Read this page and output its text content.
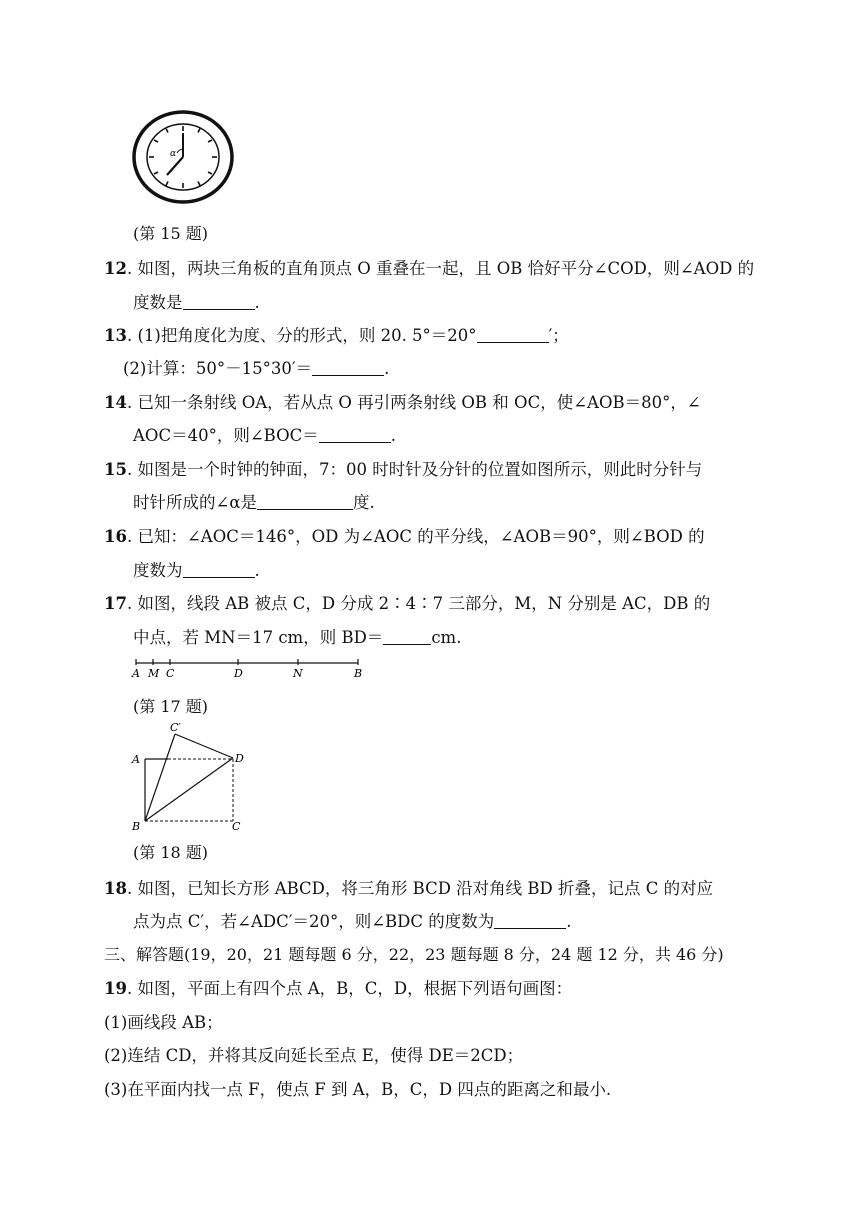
α
(第 15 题)
12. 如图，两块三角板的直角顶点 O 重叠在一起，且 OB 恰好平分∠COD，则∠AOD 的
度数是	.
13. (1)把角度化为度、分的形式，则 20. 5°＝20°	′；
(2)计算：50°－15°30′＝	.
14. 已知一条射线 OA，若从点 O 再引两条射线 OB 和 OC，使∠AOB＝80°，∠
AOC＝40°，则∠BOC＝	.
15. 如图是一个时钟的钟面，7：00 时时针及分针的位置如图所示，则此时分针与
时针所成的∠α是	度.
16. 已知：∠AOC＝146°，OD 为∠AOC 的平分线，∠AOB＝90°，则∠BOD 的
度数为	.
17. 如图，线段 AB 被点 C，D 分成 2∶4∶7 三部分，M，N 分别是 AC，DB 的
中点，若 MN＝17 cm，则 BD＝	cm.
A M C	D	N	B
(第 17 题)
A
C′
D
B	C
(第 18 题)
18. 如图，已知长方形 ABCD，将三角形 BCD 沿对角线 BD 折叠，记点 C 的对应
点为点 C′，若∠ADC′＝20°，则∠BDC 的度数为	.
三、解答题(19，20，21 题每题 6 分，22，23 题每题 8 分，24 题 12 分，共 46 分)
19. 如图，平面上有四个点 A，B，C，D，根据下列语句画图：
(1)画线段 AB；
(2)连结 CD，并将其反向延长至点 E，使得 DE＝2CD；
(3)在平面内找一点 F，使点 F 到 A，B，C，D 四点的距离之和最小.
